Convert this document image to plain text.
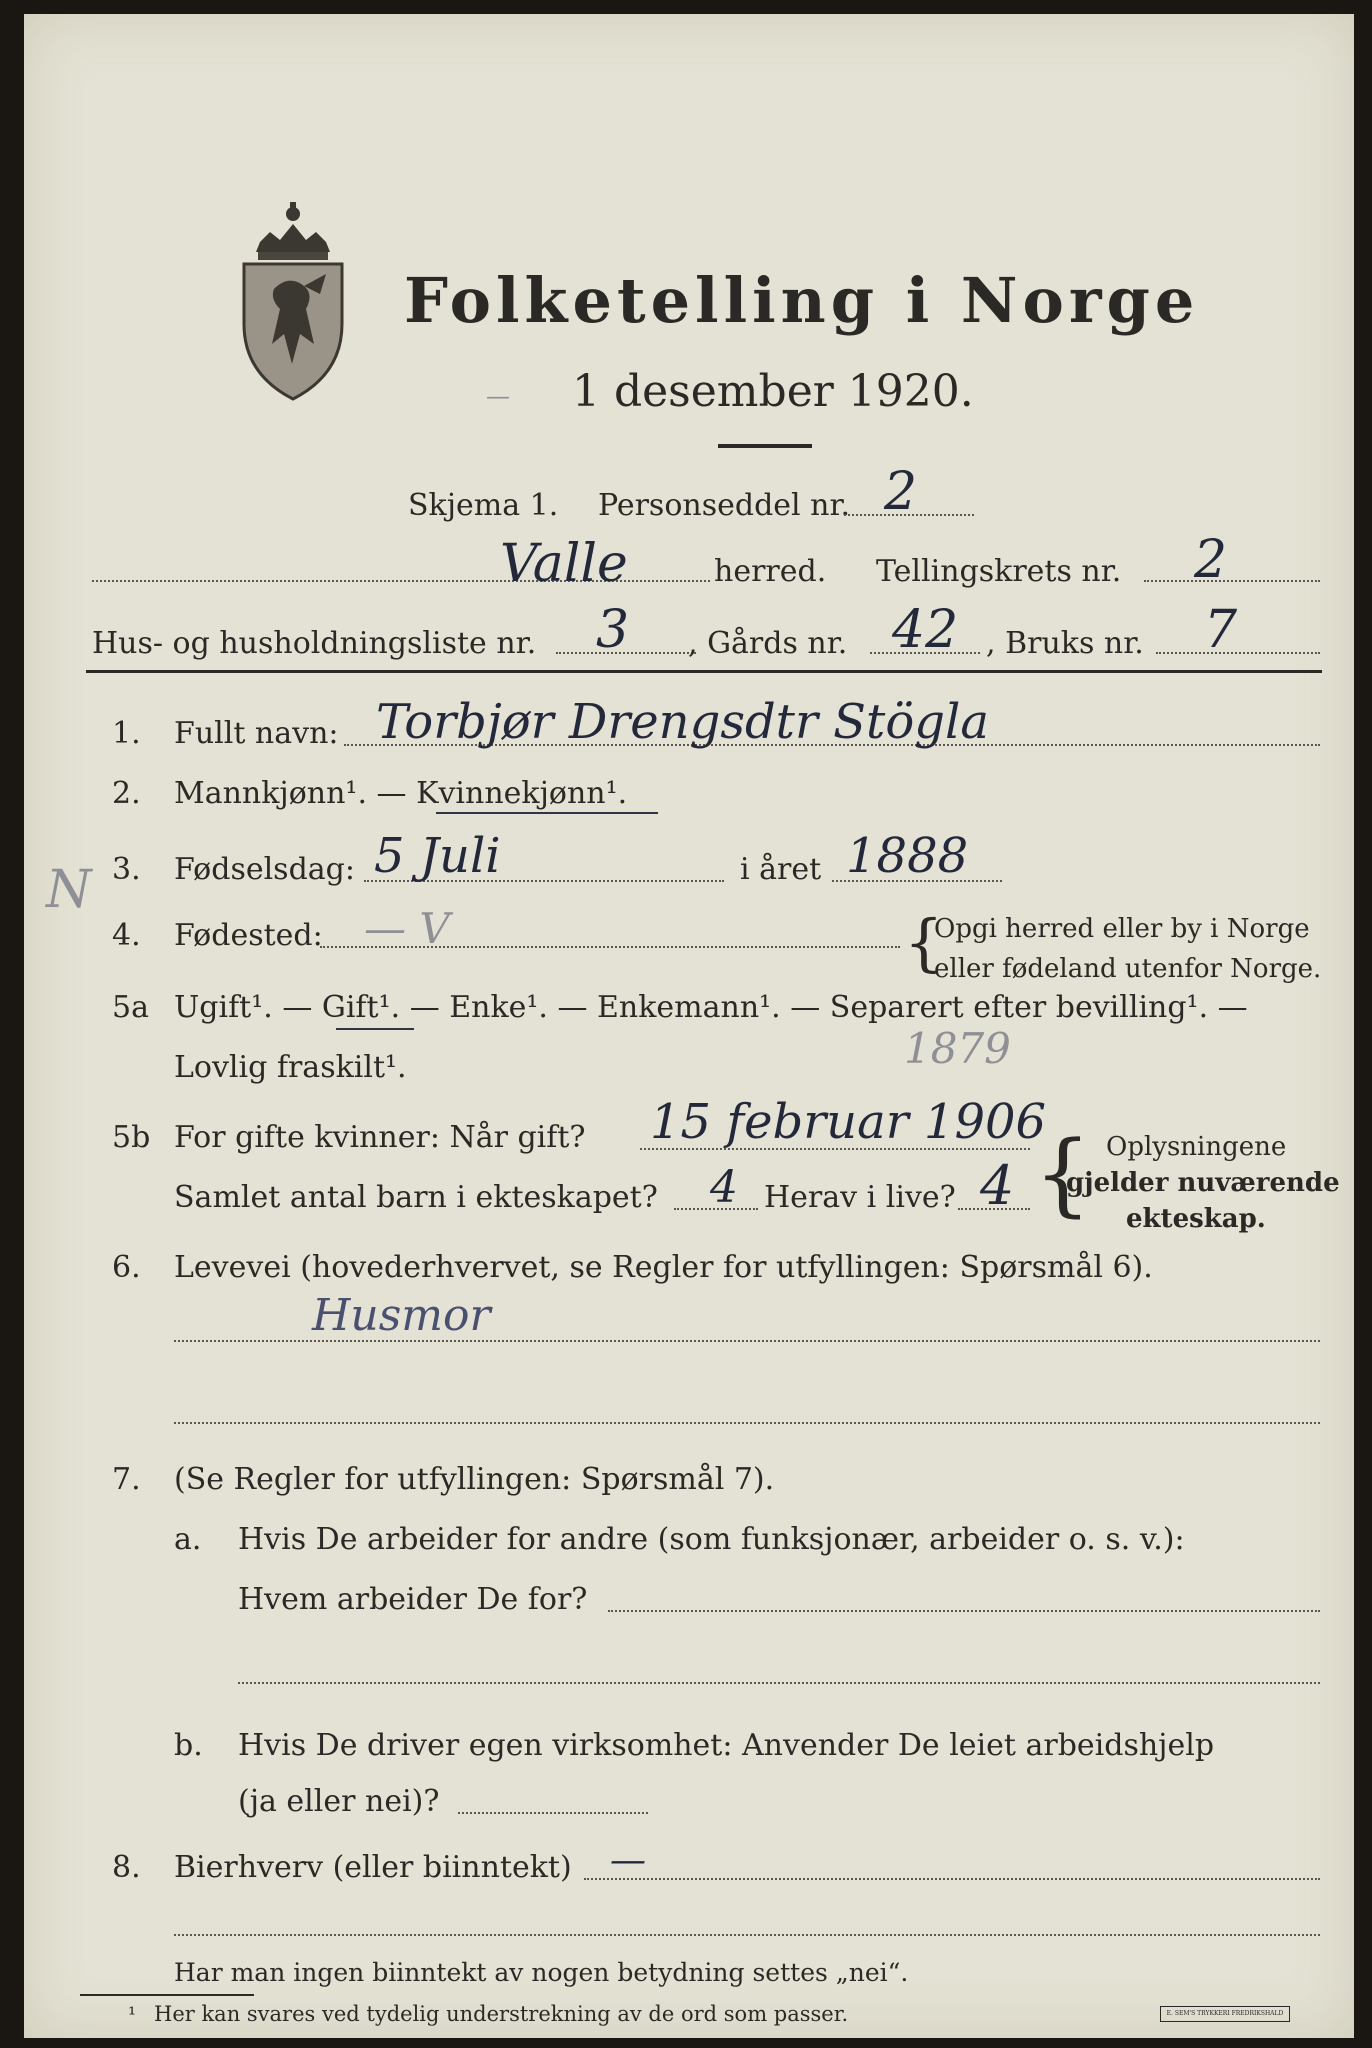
Folketelling i Norge
1 desember 1920.
—
Skjema 1. Personseddel nr. 2
Valle	herred. Tellingskrets nr. 2
Hus- og husholdningsliste nr. 3 , Gårds nr. 42 , Bruks nr. 7
1. Fullt navn: Torbjør Drengsdtr Stögla
2. Mannkjønn¹. — Kvinnekjønn¹.
N 3. Fødselsdag: 5 Juli	i året 1888
4. Fødested: — V	{
Opgi herred eller by i Norge
eller fødeland utenfor Norge.
5a Ugift¹. — Gift¹. — Enke¹. — Enkemann¹. — Separert efter bevilling¹. —
Lovlig fraskilt¹.	1879
5b For gifte kvinner: Når gift? 15 februar 1906
Samlet antal barn i ekteskapet? 4 Herav i live? 4 { Oplysningene
gjelder nuværende
ekteskap.
6. Levevei (hovederhvervet, se Regler for utfyllingen: Spørsmål 6).
Husmor
7. (Se Regler for utfyllingen: Spørsmål 7).
a. Hvis De arbeider for andre (som funksjonær, arbeider o. s. v.):
Hvem arbeider De for?
b. Hvis De driver egen virksomhet: Anvender De leiet arbeidshjelp
(ja eller nei)?
8. Bierhverv (eller biinntekt) —
Har man ingen biinntekt av nogen betydning settes „nei“.
¹ Her kan svares ved tydelig understrekning av de ord som passer.	E. SEM'S TRYKKERI FREDRIKSHALD
